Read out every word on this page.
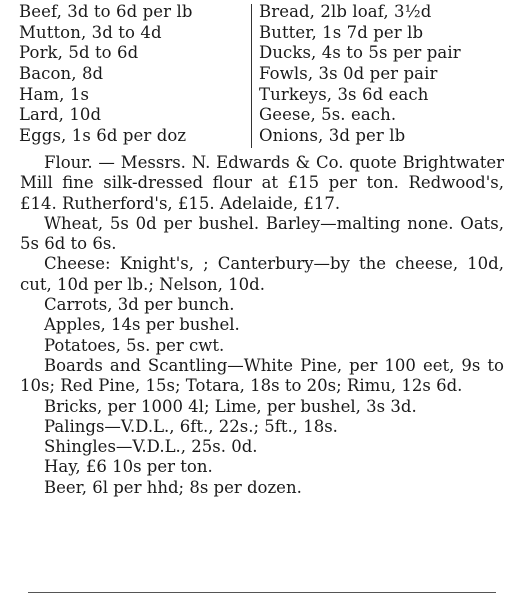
Beef, 3d to 6d per lb
Mutton, 3d to 4d
Pork, 5d to 6d
Bacon, 8d
Ham, 1s
Lard, 10d
Eggs, 1s 6d per doz
Bread, 2lb loaf, 3½d
Butter, 1s 7d per lb
Ducks, 4s to 5s per pair
Fowls, 3s 0d per pair
Turkeys, 3s 6d each
Geese, 5s. each.
Onions, 3d per lb

Flour. — Messrs. N. Edwards & Co. quote Brightwater Mill fine silk-dressed flour at £15 per ton. Redwood's, £14. Rutherford's, £15. Adelaide, £17.

Wheat, 5s 0d per bushel. Barley—malting none. Oats, 5s 6d to 6s.

Cheese: Knight's, ; Canterbury—by the cheese, 10d, cut, 10d per lb.; Nelson, 10d.

Carrots, 3d per bunch.

Apples, 14s per bushel.

Potatoes, 5s. per cwt.

Boards and Scantling—White Pine, per 100 eet, 9s to 10s; Red Pine, 15s; Totara, 18s to 20s; Rimu, 12s 6d.

Bricks, per 1000 4l; Lime, per bushel, 3s 3d.

Palings—V.D.L., 6ft., 22s.; 5ft., 18s.

Shingles—V.D.L., 25s. 0d.

Hay, £6 10s per ton.

Beer, 6l per hhd; 8s per dozen.
